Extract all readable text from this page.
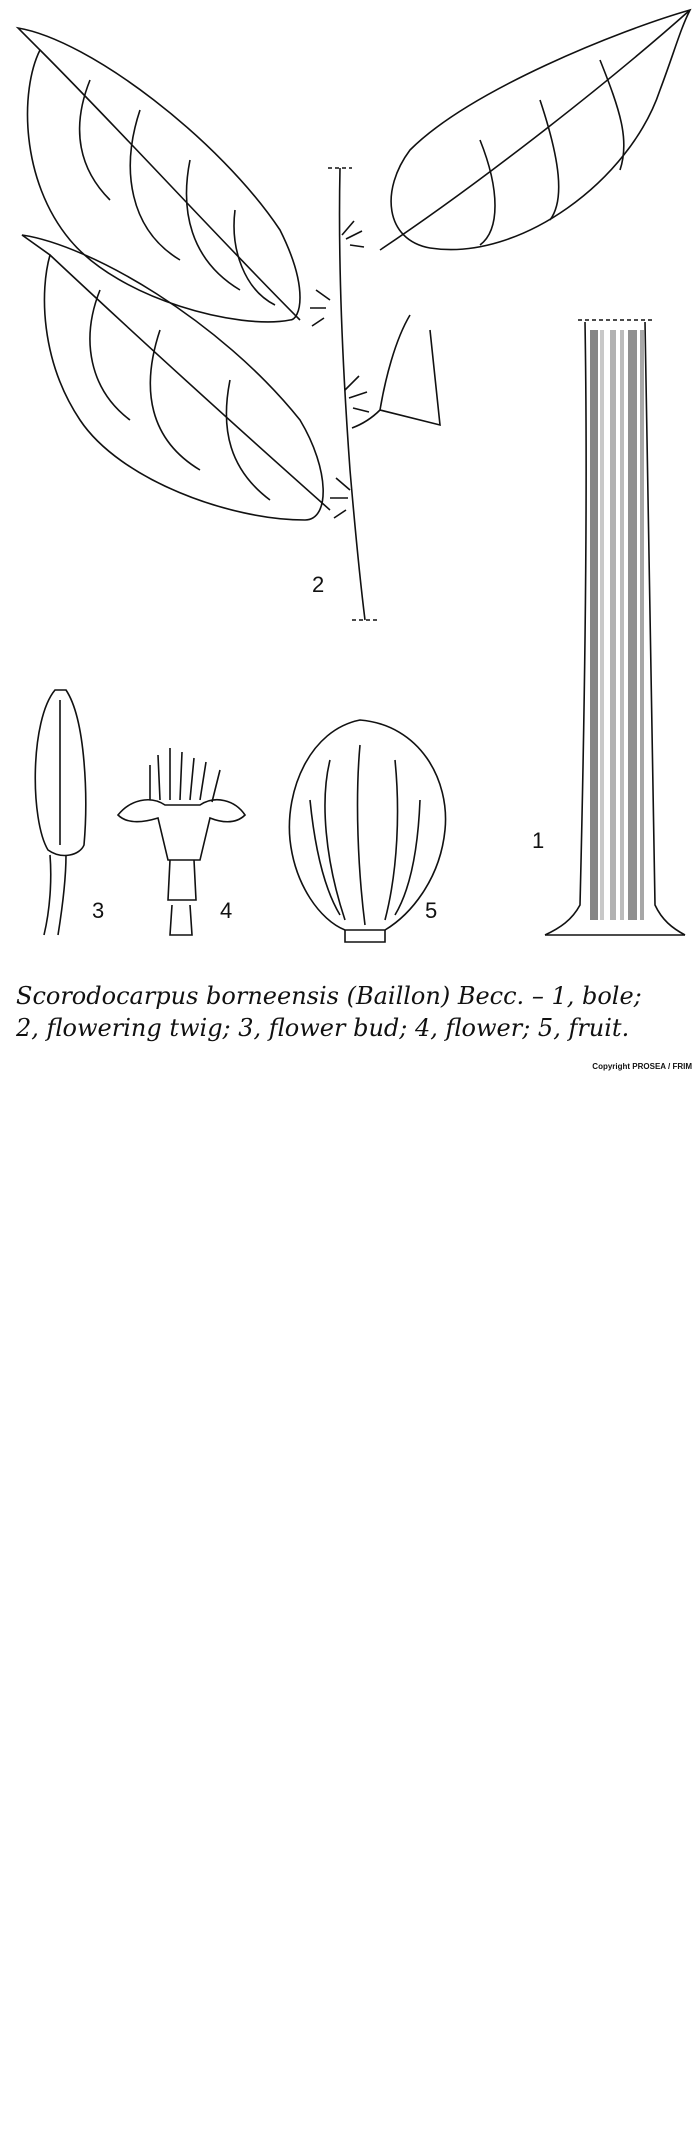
2
3	4	5
1
Scorodocarpus borneensis (Baillon) Becc. – 1, bole;
2, flowering twig; 3, flower bud; 4, flower; 5, fruit.
Copyright PROSEA / FRIM
